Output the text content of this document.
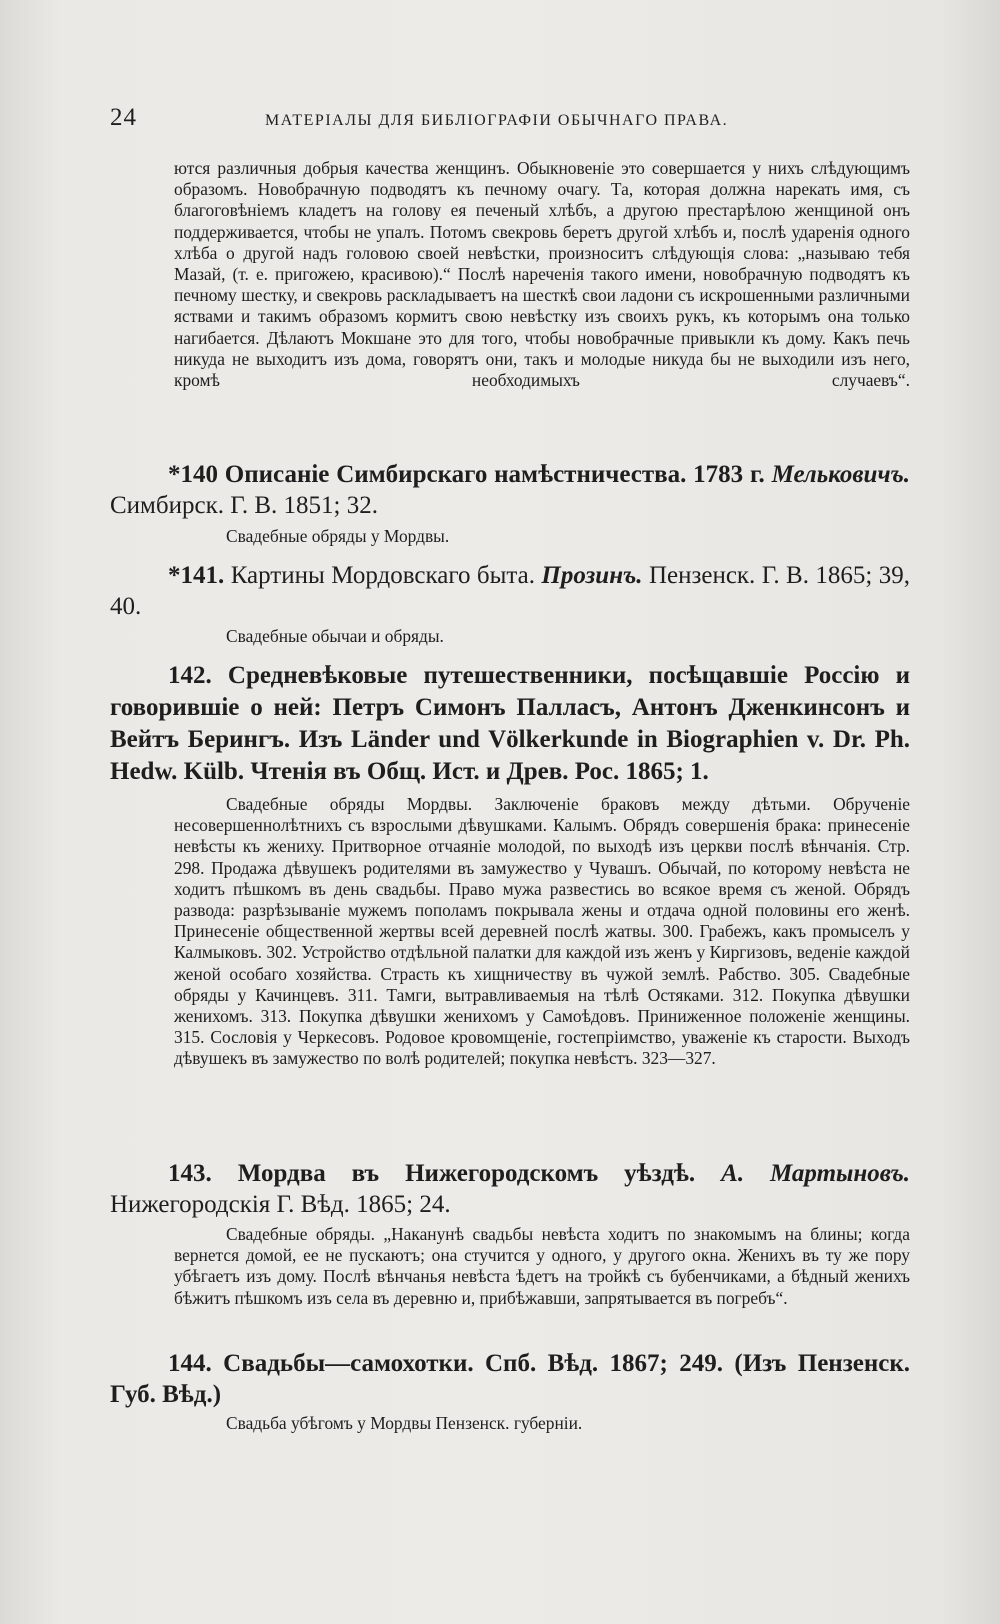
24	МАТЕРІАЛЫ ДЛЯ БИБЛІОГРАФІИ ОБЫЧНАГО ПРАВА.
ются различныя добрыя качества женщинъ. Обыкновеніе это совершается у нихъ слѣдующимъ образомъ. Новобрачную подводятъ къ печному очагу. Та, которая должна нарекать имя, съ благоговѣніемъ кладетъ на голову ея печеный хлѣбъ, а другою престарѣлою женщиной онъ поддерживается, чтобы не упалъ. Потомъ свекровь беретъ другой хлѣбъ и, послѣ ударенія одного хлѣба о другой надъ головою своей невѣстки, произноситъ слѣдующія слова: „называю тебя Мазай, (т. е. пригожею, красивою).“ Послѣ нареченія такого имени, новобрачную подводятъ къ печному шестку, и свекровь раскладываетъ на шесткѣ свои ладони съ искрошенными различными яствами и такимъ образомъ кормитъ свою невѣстку изъ своихъ рукъ, къ которымъ она только нагибается. Дѣлаютъ Мокшане это для того, чтобы новобрачные привыкли къ дому. Какъ печь никуда не выходитъ изъ дома, говорятъ они, такъ и молодые никуда бы не выходили изъ него, кромѣ необходимыхъ случаевъ“.
*140 Описаніе Симбирскаго намѣстничества. 1783 г. Мельковичъ. Симбирск. Г. В. 1851; 32.
Свадебные обряды у Мордвы.
*141. Картины Мордовскаго быта. Прозинъ. Пензенск. Г. В. 1865; 39, 40.
Свадебные обычаи и обряды.
142. Средневѣковые путешественники, посѣщавшіе Россію и говорившіе о ней: Петръ Симонъ Палласъ, Антонъ Дженкинсонъ и Вейтъ Берингъ. Изъ Länder und Völkerkunde in Biographien v. Dr. Ph. Hedw. Külb. Чтенія въ Общ. Ист. и Древ. Рос. 1865; 1.
Свадебные обряды Мордвы. Заключеніе браковъ между дѣтьми. Обрученіе несовершеннолѣтнихъ съ взрослыми дѣвушками. Калымъ. Обрядъ совершенія брака: принесеніе невѣсты къ жениху. Притворное отчаяніе молодой, по выходѣ изъ церкви послѣ вѣнчанія. Стр. 298. Продажа дѣвушекъ родителями въ замужество у Чувашъ. Обычай, по которому невѣста не ходитъ пѣшкомъ въ день свадьбы. Право мужа развестись во всякое время съ женой. Обрядъ развода: разрѣзываніе мужемъ пополамъ покрывала жены и отдача одной половины его женѣ. Принесеніе общественной жертвы всей деревней послѣ жатвы. 300. Грабежъ, какъ промыселъ у Калмыковъ. 302. Устройство отдѣльной палатки для каждой изъ женъ у Киргизовъ, веденіе каждой женой особаго хозяйства. Страсть къ хищничеству въ чужой землѣ. Рабство. 305. Свадебные обряды у Качинцевъ. 311. Тамги, вытравливаемыя на тѣлѣ Остяками. 312. Покупка дѣвушки женихомъ. 313. Покупка дѣвушки женихомъ у Самоѣдовъ. Приниженное положеніе женщины. 315. Сословія у Черкесовъ. Родовое кровомщеніе, гостепріимство, уваженіе къ старости. Выходъ дѣвушекъ въ замужество по волѣ родителей; покупка невѣстъ. 323—327.
143. Мордва въ Нижегородскомъ уѣздѣ. А. Мартыновъ. Нижегородскія Г. Вѣд. 1865; 24.
Свадебные обряды. „Наканунѣ свадьбы невѣста ходитъ по знакомымъ на блины; когда вернется домой, ее не пускаютъ; она стучится у одного, у другого окна. Женихъ въ ту же пору убѣгаетъ изъ дому. Послѣ вѣнчанья невѣста ѣдетъ на тройкѣ съ бубенчиками, а бѣдный женихъ бѣжитъ пѣшкомъ изъ села въ деревню и, прибѣжавши, запрятывается въ погребъ“.
144. Свадьбы—самохотки. Спб. Вѣд. 1867; 249. (Изъ Пензенск. Губ. Вѣд.)
Свадьба убѣгомъ у Мордвы Пензенск. губерніи.
